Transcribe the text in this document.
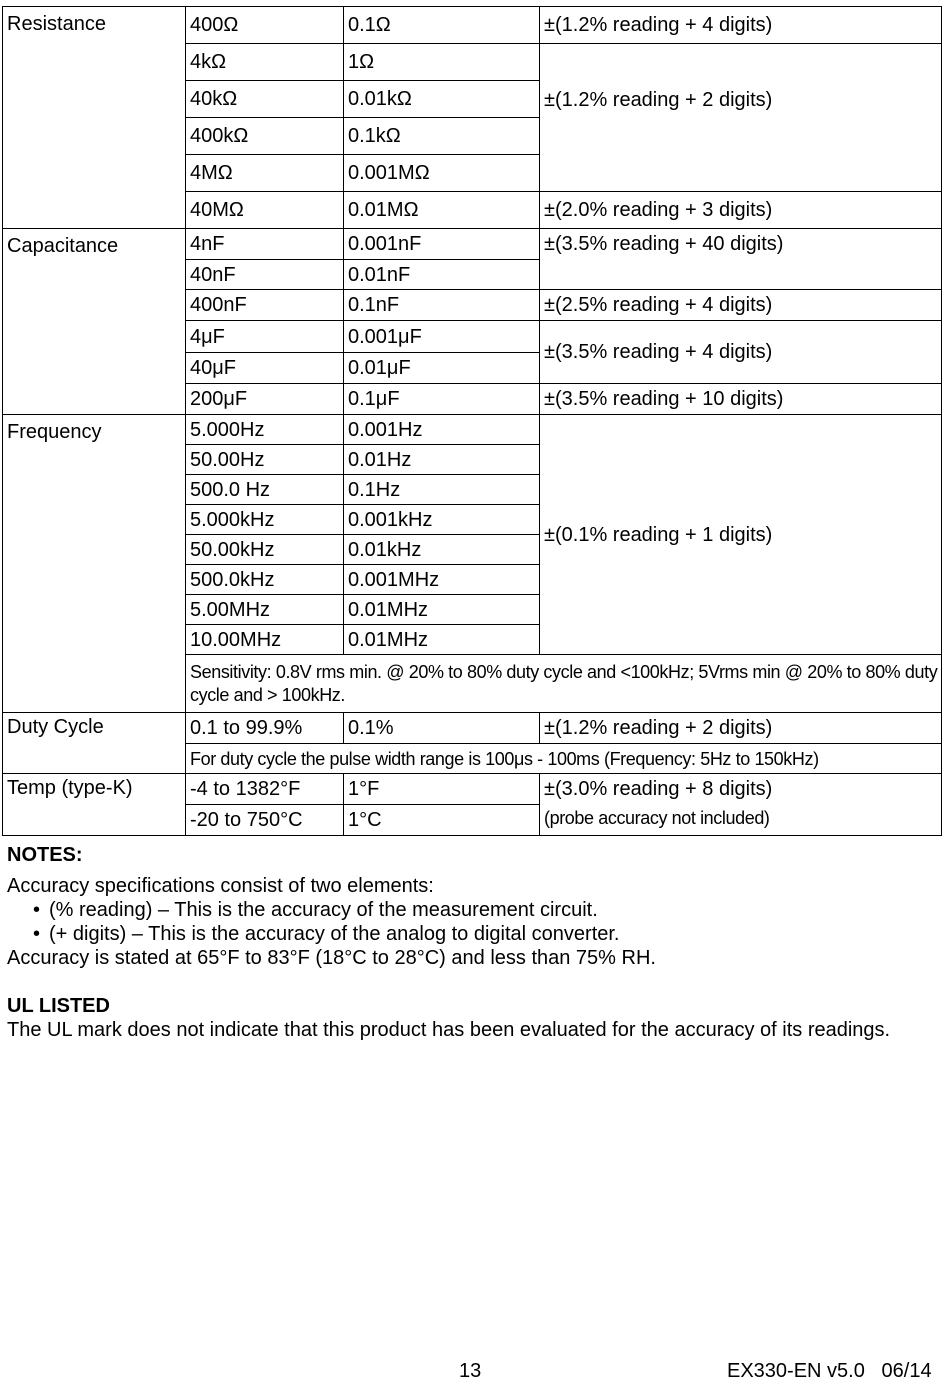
Resistance	400Ω	0.1Ω	±(1.2% reading + 4 digits)
	4kΩ	1Ω	±(1.2% reading + 2 digits)
	40kΩ	0.01kΩ	
	400kΩ	0.1kΩ	
	4MΩ	0.001MΩ	
	40MΩ	0.01MΩ	±(2.0% reading + 3 digits)
Capacitance	4nF	0.001nF	±(3.5% reading + 40 digits)
	40nF	0.01nF	
	400nF	0.1nF	±(2.5% reading + 4 digits)
	4μF	0.001μF	±(3.5% reading + 4 digits)
	40μF	0.01μF	
	200μF	0.1μF	±(3.5% reading + 10 digits)
Frequency	5.000Hz	0.001Hz	±(0.1% reading + 1 digits)
	50.00Hz	0.01Hz	
	500.0 Hz	0.1Hz	
	5.000kHz	0.001kHz	
	50.00kHz	0.01kHz	
	500.0kHz	0.001MHz	
	5.00MHz	0.01MHz	
	10.00MHz	0.01MHz	
	Sensitivity: 0.8V rms min. @ 20% to 80% duty cycle and <100kHz; 5Vrms min @ 20% to 80% duty cycle and > 100kHz.		
Duty Cycle	0.1 to 99.9%	0.1%	±(1.2% reading + 2 digits)
	For duty cycle the pulse width range is 100μs - 100ms (Frequency: 5Hz to 150kHz)		
Temp (type-K)	-4 to 1382°F	1°F	±(3.0% reading + 8 digits)
	-20 to 750°C	1°C	(probe accuracy not included)
NOTES:
Accuracy specifications consist of two elements:
• (% reading) – This is the accuracy of the measurement circuit.
• (+ digits) – This is the accuracy of the analog to digital converter.
Accuracy is stated at 65°F to 83°F (18°C to 28°C) and less than 75% RH.
UL LISTED
The UL mark does not indicate that this product has been evaluated for the accuracy of its readings.
13	EX330-EN v5.0   06/14
